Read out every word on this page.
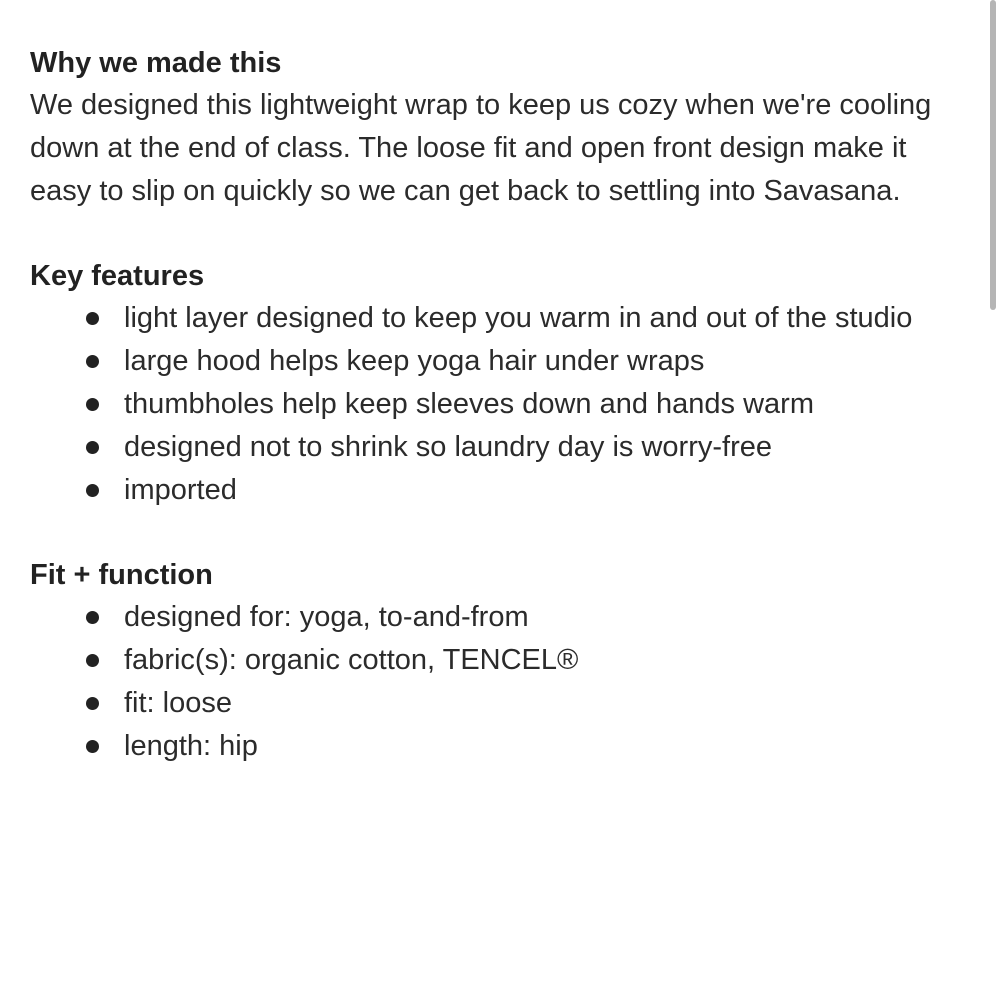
Why we made this

We designed this lightweight wrap to keep us cozy when we're cooling down at the end of class. The loose fit and open front design make it easy to slip on quickly so we can get back to settling into Savasana.

Key features
light layer designed to keep you warm in and out of the studio
large hood helps keep yoga hair under wraps
thumbholes help keep sleeves down and hands warm
designed not to shrink so laundry day is worry-free
imported
Fit + function
designed for: yoga, to-and-from
fabric(s): organic cotton, TENCEL®
fit: loose
length: hip
